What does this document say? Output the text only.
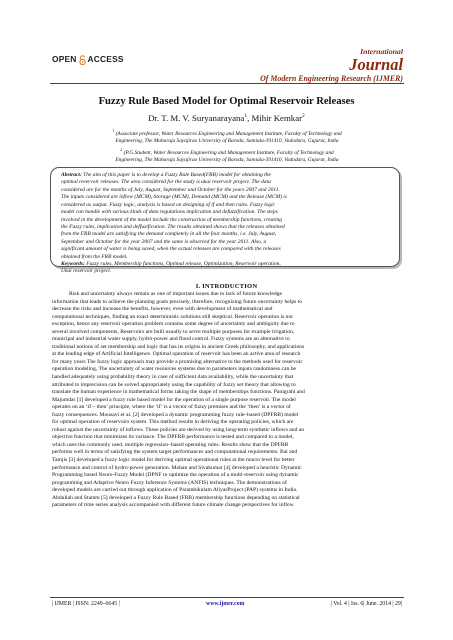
OPEN ACCESS
International
Journal
Of Modern Engineering Research (IJMER)
Fuzzy Rule Based Model for Optimal Reservoir Releases
Dr. T. M. V. Suryanarayana$^1$, Mihir Kemkar$^2$
$^1$ (Associate professor, Water Resources Engineering and Management Institute, Faculty of Technology and
Engineering, The Maharaja Sayajirao University of Baroda, Samiala-391410, Vadodara, Gujarat, India
$^2$ (P.G.Student, Water Resources Engineering and Management Institute, Faculty of Technology and
Engineering, The Maharaja Sayajirao University of Baroda, Samiala-391410, Vadodara, Gujarat, India
Abstract: The aim of this paper is to develop a Fuzzy Rule Based(FRB) model for obtaining the
optimal reservoir releases. The area considered for the study is ukai reservoir project. The data
considered are for the months of July, August, September and October for the years 2007 and 2011.
The inputs considered are inflow (MCM), Storage (MCM), Demand (MCM) and the Release (MCM) is
considered as output. Fuzzy logic, analysis is based on designing of if and then rules. Fuzzy logic
model can handle with various kinds of data regulations implication and defuzzification. The steps
involved in the development of the model include the construction of membership functions, creating
the Fuzzy rules, implication and deffuzification. The results obtained shows that the releases obtained
from the FRB model are satisfying the demand completely in all the four months, i.e. July, August,
September and October for the year 2007 and the same is observed for the year 2011. Also, a
significant amount of water is being saved, when the actual releases are compared with the releases
obtained from the FRB model.
Keywords: Fuzzy rules, Membership functions, Optimal release, Optimization, Reservoir operation,
Ukai reservoir project.
I. INTRODUCTION
Risk and uncertainty always remain as one of important issues due to lack of future knowledge
information that leads to achieve the planning goals precisely, therefore, recognizing future uncertainty helps to
decrease the risks and increase the benefits, however, even with development of mathematical and
computational techniques, finding an exact deterministic solutions still skeptical. Reservoir operation is not
exception, hence any reservoir operation problem contains some degree of uncertainty and ambiguity due to
several involved components, Reservoirs are built usually to serve multiple purposes for example irrigation,
municipal and industrial water supply, hydro-power and flood control. Fuzzy systems are an alternative to
traditional notions of set membership and logic that has its origins in ancient Greek philosophy, and applications
at the leading edge of Artificial Intelligence. Optimal operation of reservoir has been an active area of research
for many years The fuzzy logic approach may provide a promising alternative to the methods used for reservoir
operation modeling, The uncertainty of water resources systems due to parameters inputs randomness can be
handled adequately using probability theory in case of sufficient data availability, while the uncertainty that
attributed to imprecision can be solved appropriately using the capability of fuzzy set theory that allowing to
translate the human experience in mathematical forms taking the shape of memberships functions. Panigrahi and
Majumdar [1] developed a fuzzy rule based model for the operation of a single purpose reservoir. The model
operates on an ‘if – then’ principle, where the ‘if’ is a vector of fuzzy premises and the ‘then’ is a vector of
fuzzy consequences. Mousavi et al. [2] developed a dynamic programming fuzzy rule–based (DPFRB) model
for optimal operation of reservoirs system. This method results in deriving the operating policies, which are
robust against the uncertainty of inflows. These policies are derived by using long-term synthetic inflows and an
objective function that minimizes its variance. The DPFRB performance is tested and compared to a model,
which uses the commonly used, multiple regression–based operating rules. Results show that the DPFRB
performs well in terms of satisfying the system target performances and computational requirements. Bai and
Tamjis [3] developed a fuzzy logic model for deriving optimal operational rules at the macro level for better
performance and control of hydro-power generation. Mohan and Sivakumar [4] developed a heuristic Dynamic
Programming based Neuro-Fuzzy Model (DPNF to optimize the operation of a multi-reservoir using dynamic
programming and Adaptive Neuro Fuzzy Inference Systems (ANFIS) techniques. The demonstrations of
developed models are carried out through application of Parambikulam AliyarProject (PAP) systems in India.
Abdullah and Stamm [5] developed a Fuzzy Rule Based (FRB) membership functions depending on statistical
parameters of time series analysis accompanied with different future climate change perspectives for inflow
| IJMER | ISSN: 2249–6645 |	www.ijmer.com	| Vol. 4 | Iss. 6| June. 2014 | 29|
